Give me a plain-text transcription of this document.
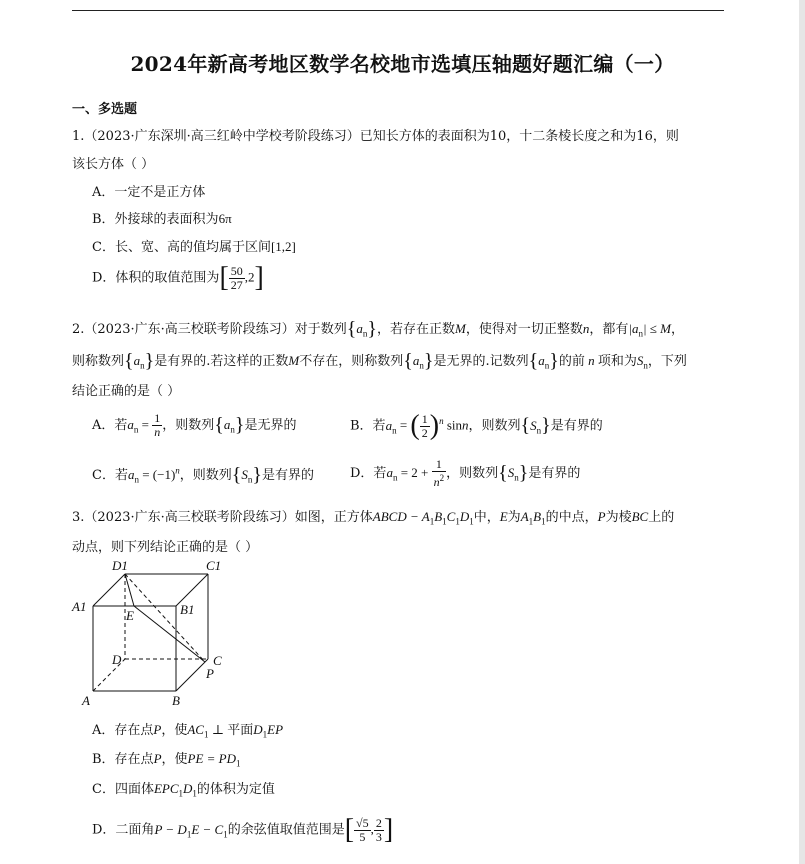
2024年新高考地区数学名校地市选填压轴题好题汇编（一）
一、多选题
1.（2023·广东深圳·高三红岭中学校考阶段练习）已知长方体的表面积为10，十二条棱长度之和为16，则
该长方体（ ）
A．一定不是正方体
B．外接球的表面积为6π
C．长、宽、高的值均属于区间[1,2]
D．体积的取值范围为[ $\frac{50}{27} ,2$]
2.（2023·广东·高三校联考阶段练习）对于数列$\{a_n\}$，若存在正数M，使得对一切正整数n，都有$|a_n| \le M$，
则称数列$\{a_n\}$是有界的.若这样的正数M不存在，则称数列$\{a_n\}$是无界的.记数列$\{a_n\}$的前 n 项和为$S_n$，下列
结论正确的是（ ）
A．若$a_n = \frac{1}{n}$ ，则数列$\{a_n\}$是无界的	B．若$a_n$ = ( $\frac{1}{2} )^n$ sinn，则数列$\{S_n\}$是有界的
C．若$a_n = (-1)^n$，则数列$\{S_n\}$是有界的	D．若$a_n = 2 + \frac{1}{n^2}$ ，则数列$\{S_n\}$是有界的
3.（2023·广东·高三校联考阶段练习）如图，正方体ABCD − $A_1B_1C_1D_1$中，E为$A_1B_1$的中点，P为棱BC上的
动点，则下列结论正确的是（ ）
D1	C1
A1	B1
E
D	C
P
A	B
A．存在点P，使$AC_1$ ⊥ 平面$D_1EP$
B．存在点P，使PE = $PD_1$
C．四面体$EPC_1D_1$的体积为定值
D．二面角$P - D_1E - C_1$的余弦值取值范围是[ $\frac{√5}{5}$ , $\frac{2}{3}$ ]
